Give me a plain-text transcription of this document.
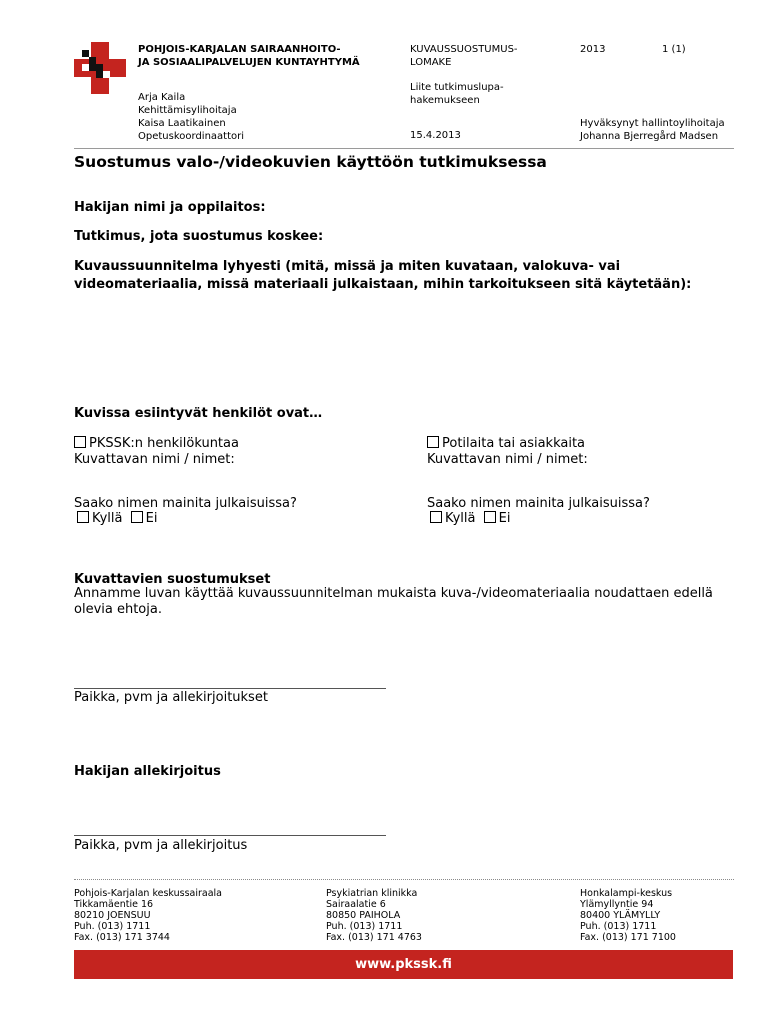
POHJOIS-KARJALAN SAIRAANHOITO-
JA SOSIAALIPALVELUJEN KUNTAYHTYMÄ
KUVAUSSUOSTUMUS-
LOMAKE
2013	1 (1)
Liite tutkimuslupa-
hakemukseen
Arja Kaila
Kehittämisylihoitaja
Kaisa Laatikainen
Opetuskoordinaattori	15.4.2013
Hyväksynyt hallintoylihoitaja
Johanna Bjerregård Madsen
Suostumus valo-/videokuvien käyttöön tutkimuksessa
Hakijan nimi ja oppilaitos:
Tutkimus, jota suostumus koskee:
Kuvaussuunnitelma lyhyesti (mitä, missä ja miten kuvataan, valokuva- vai
videomateriaalia, missä materiaali julkaistaan, mihin tarkoitukseen sitä käytetään):
Kuvissa esiintyvät henkilöt ovat…
PKSSK:n henkilökuntaa
Kuvattavan nimi / nimet:
Saako nimen mainita julkaisuissa?
Kyllä Ei
Potilaita tai asiakkaita
Kuvattavan nimi / nimet:
Saako nimen mainita julkaisuissa?
Kyllä Ei
Kuvattavien suostumukset
Annamme luvan käyttää kuvaussuunnitelman mukaista kuva-/videomateriaalia noudattaen edellä
olevia ehtoja.
Paikka, pvm ja allekirjoitukset
Hakijan allekirjoitus
Paikka, pvm ja allekirjoitus
Pohjois-Karjalan keskussairaala
Tikkamäentie 16
80210 JOENSUU
Puh. (013) 1711
Fax. (013) 171 3744
Psykiatrian klinikka
Sairaalatie 6
80850 PAIHOLA
Puh. (013) 1711
Fax. (013) 171 4763
Honkalampi-keskus
Ylämyllyntie 94
80400 YLÄMYLLY
Puh. (013) 1711
Fax. (013) 171 7100
www.pkssk.fi
